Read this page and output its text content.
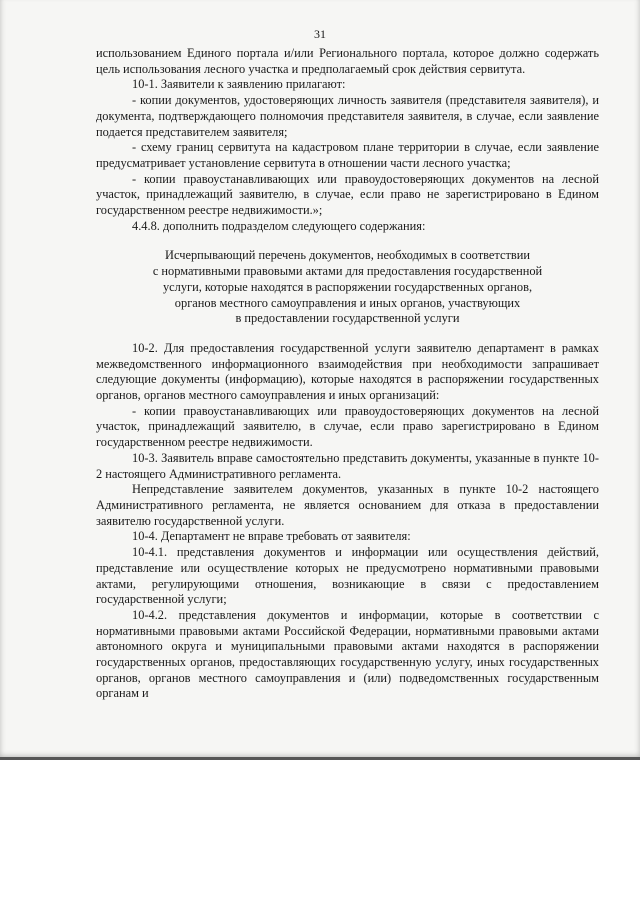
31

использованием Единого портала и/или Регионального портала, которое должно содержать цель использования лесного участка и предполагаемый срок действия сервитута.

10-1. Заявители к заявлению прилагают:

- копии документов, удостоверяющих личность заявителя (представителя заявителя), и документа, подтверждающего полномочия представителя заявителя, в случае, если заявление подается представителем заявителя;

- схему границ сервитута на кадастровом плане территории в случае, если заявление предусматривает установление сервитута в отношении части лесного участка;

- копии правоустанавливающих или правоудостоверяющих документов на лесной участок, принадлежащий заявителю, в случае, если право не зарегистрировано в Едином государственном реестре недвижимости.»;

4.4.8. дополнить подразделом следующего содержания:

Исчерпывающий перечень документов, необходимых в соответствии
с нормативными правовыми актами для предоставления государственной
услуги, которые находятся в распоряжении государственных органов,
органов местного самоуправления и иных органов, участвующих
в предоставлении государственной услуги

10-2. Для предоставления государственной услуги заявителю департамент в рамках межведомственного информационного взаимодействия при необходимости запрашивает следующие документы (информацию), которые находятся в распоряжении государственных органов, органов местного самоуправления и иных организаций:

- копии правоустанавливающих или правоудостоверяющих документов на лесной участок, принадлежащий заявителю, в случае, если право зарегистрировано в Едином государственном реестре недвижимости.

10-3. Заявитель вправе самостоятельно представить документы, указанные в пункте 10-2 настоящего Административного регламента.

Непредставление заявителем документов, указанных в пункте 10-2 настоящего Административного регламента, не является основанием для отказа в предоставлении заявителю государственной услуги.

10-4. Департамент не вправе требовать от заявителя:

10-4.1. представления документов и информации или осуществления действий, представление или осуществление которых не предусмотрено нормативными правовыми актами, регулирующими отношения, возникающие в связи с предоставлением государственной услуги;

10-4.2. представления документов и информации, которые в соответствии с нормативными правовыми актами Российской Федерации, нормативными правовыми актами автономного округа и муниципальными правовыми актами находятся в распоряжении государственных органов, предоставляющих государственную услугу, иных государственных органов, органов местного самоуправления и (или) подведомственных государственным органам и
